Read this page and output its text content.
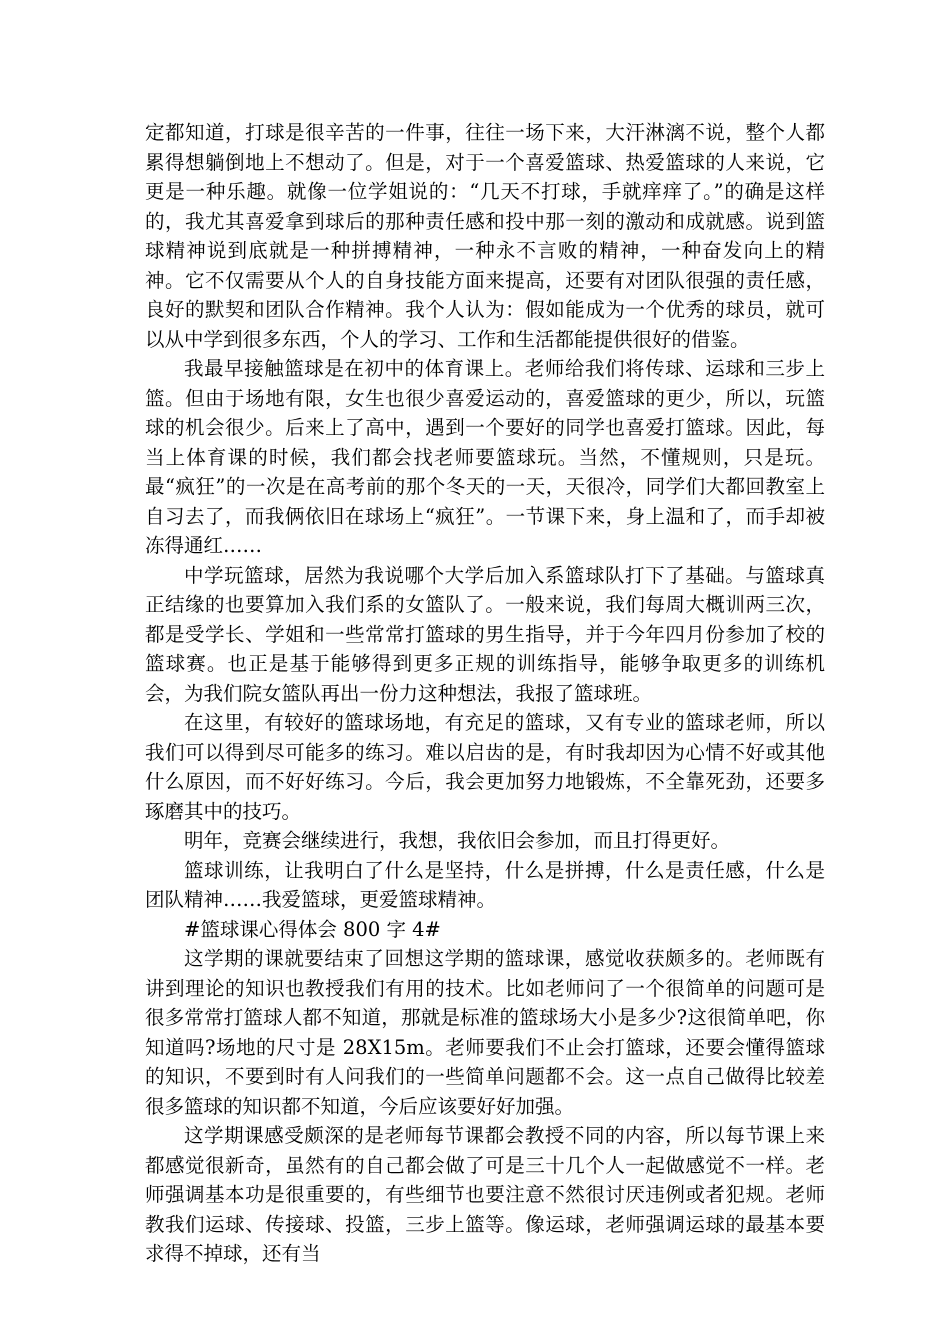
定都知道，打球是很辛苦的一件事，往往一场下来，大汗淋漓不说，整个人都累得想躺倒地上不想动了。但是，对于一个喜爱篮球、热爱篮球的人来说，它更是一种乐趣。就像一位学姐说的：“几天不打球，手就痒痒了。”的确是这样的，我尤其喜爱拿到球后的那种责任感和投中那一刻的激动和成就感。说到篮球精神说到底就是一种拼搏精神，一种永不言败的精神，一种奋发向上的精神。它不仅需要从个人的自身技能方面来提高，还要有对团队很强的责任感，良好的默契和团队合作精神。我个人认为：假如能成为一个优秀的球员，就可以从中学到很多东西，个人的学习、工作和生活都能提供很好的借鉴。

我最早接触篮球是在初中的体育课上。老师给我们将传球、运球和三步上篮。但由于场地有限，女生也很少喜爱运动的，喜爱篮球的更少，所以，玩篮球的机会很少。后来上了高中，遇到一个要好的同学也喜爱打篮球。因此，每当上体育课的时候，我们都会找老师要篮球玩。当然，不懂规则，只是玩。最“疯狂”的一次是在高考前的那个冬天的一天，天很冷，同学们大都回教室上自习去了，而我俩依旧在球场上“疯狂”。一节课下来，身上温和了，而手却被冻得通红……

中学玩篮球，居然为我说哪个大学后加入系篮球队打下了基础。与篮球真正结缘的也要算加入我们系的女篮队了。一般来说，我们每周大概训两三次，都是受学长、学姐和一些常常打篮球的男生指导，并于今年四月份参加了校的篮球赛。也正是基于能够得到更多正规的训练指导，能够争取更多的训练机会，为我们院女篮队再出一份力这种想法，我报了篮球班。

在这里，有较好的篮球场地，有充足的篮球，又有专业的篮球老师，所以我们可以得到尽可能多的练习。难以启齿的是，有时我却因为心情不好或其他什么原因，而不好好练习。今后，我会更加努力地锻炼，不全靠死劲，还要多琢磨其中的技巧。

明年，竞赛会继续进行，我想，我依旧会参加，而且打得更好。

篮球训练，让我明白了什么是坚持，什么是拼搏，什么是责任感，什么是团队精神……我爱篮球，更爱篮球精神。

#篮球课心得体会 800 字 4#

这学期的课就要结束了回想这学期的篮球课，感觉收获颇多的。老师既有讲到理论的知识也教授我们有用的技术。比如老师问了一个很简单的问题可是很多常常打篮球人都不知道，那就是标准的篮球场大小是多少?这很简单吧，你知道吗?场地的尺寸是 28X15m。老师要我们不止会打篮球，还要会懂得篮球的知识，不要到时有人问我们的一些简单问题都不会。这一点自己做得比较差很多篮球的知识都不知道，今后应该要好好加强。

这学期课感受颇深的是老师每节课都会教授不同的内容，所以每节课上来都感觉很新奇，虽然有的自己都会做了可是三十几个人一起做感觉不一样。老师强调基本功是很重要的，有些细节也要注意不然很讨厌违例或者犯规。老师教我们运球、传接球、投篮，三步上篮等。像运球，老师强调运球的最基本要求得不掉球，还有当
